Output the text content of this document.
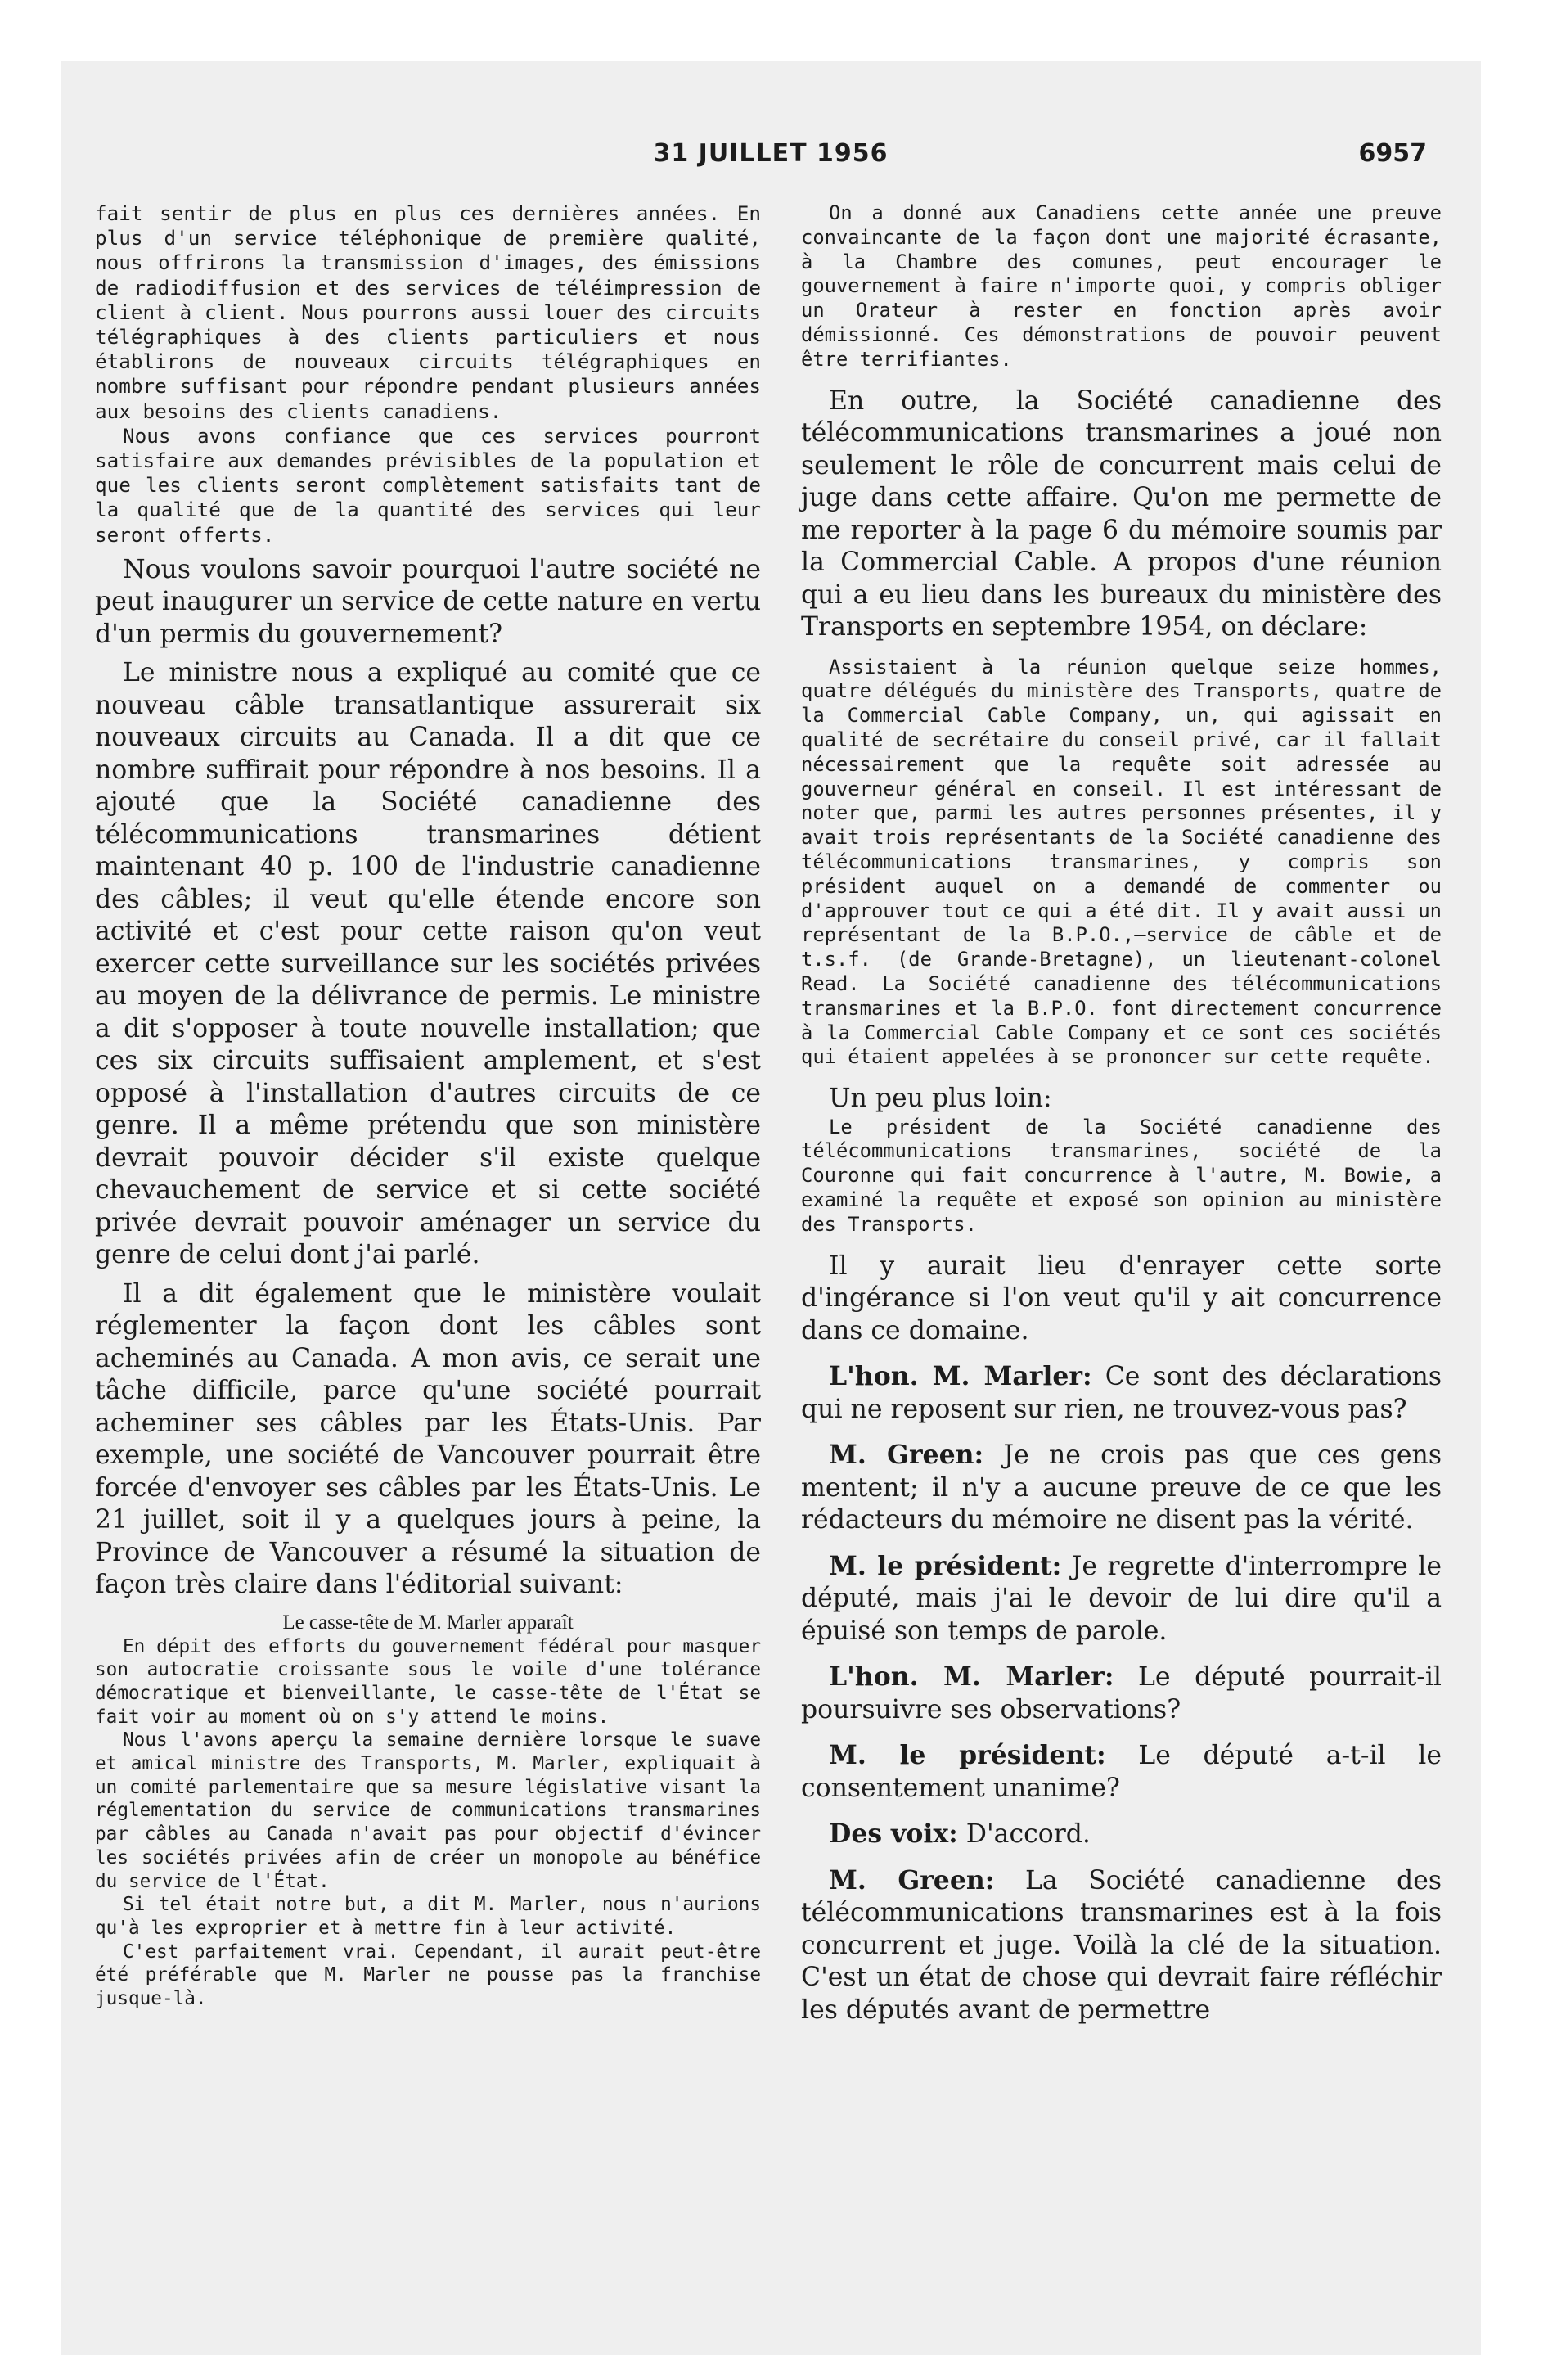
31 JUILLET 1956	6957

fait sentir de plus en plus ces dernières années. En plus d'un service téléphonique de première qualité, nous offrirons la transmission d'images, des émissions de radiodiffusion et des services de téléimpression de client à client. Nous pourrons aussi louer des circuits télégraphiques à des clients particuliers et nous établirons de nouveaux circuits télégraphiques en nombre suffisant pour répondre pendant plusieurs années aux besoins des clients canadiens.

Nous avons confiance que ces services pourront satisfaire aux demandes prévisibles de la population et que les clients seront complètement satisfaits tant de la qualité que de la quantité des services qui leur seront offerts.

Nous voulons savoir pourquoi l'autre société ne peut inaugurer un service de cette nature en vertu d'un permis du gouvernement?

Le ministre nous a expliqué au comité que ce nouveau câble transatlantique assurerait six nouveaux circuits au Canada. Il a dit que ce nombre suffirait pour répondre à nos besoins. Il a ajouté que la Société canadienne des télécommunications transmarines détient maintenant 40 p. 100 de l'industrie canadienne des câbles; il veut qu'elle étende encore son activité et c'est pour cette raison qu'on veut exercer cette surveillance sur les sociétés privées au moyen de la délivrance de permis. Le ministre a dit s'opposer à toute nouvelle installation; que ces six circuits suffisaient amplement, et s'est opposé à l'installation d'autres circuits de ce genre. Il a même prétendu que son ministère devrait pouvoir décider s'il existe quelque chevauchement de service et si cette société privée devrait pouvoir aménager un service du genre de celui dont j'ai parlé.

Il a dit également que le ministère voulait réglementer la façon dont les câbles sont acheminés au Canada. A mon avis, ce serait une tâche difficile, parce qu'une société pourrait acheminer ses câbles par les États-Unis. Par exemple, une société de Vancouver pourrait être forcée d'envoyer ses câbles par les États-Unis. Le 21 juillet, soit il y a quelques jours à peine, la Province de Vancouver a résumé la situation de façon très claire dans l'éditorial suivant:

Le casse-tête de M. Marler apparaît

En dépit des efforts du gouvernement fédéral pour masquer son autocratie croissante sous le voile d'une tolérance démocratique et bienveillante, le casse-tête de l'État se fait voir au moment où on s'y attend le moins.

Nous l'avons aperçu la semaine dernière lorsque le suave et amical ministre des Transports, M. Marler, expliquait à un comité parlementaire que sa mesure législative visant la réglementation du service de communications transmarines par câbles au Canada n'avait pas pour objectif d'évincer les sociétés privées afin de créer un monopole au bénéfice du service de l'État.

Si tel était notre but, a dit M. Marler, nous n'aurions qu'à les exproprier et à mettre fin à leur activité.

C'est parfaitement vrai. Cependant, il aurait peut-être été préférable que M. Marler ne pousse pas la franchise jusque-là.

On a donné aux Canadiens cette année une preuve convaincante de la façon dont une majorité écrasante, à la Chambre des comunes, peut encourager le gouvernement à faire n'importe quoi, y compris obliger un Orateur à rester en fonction après avoir démissionné. Ces démonstrations de pouvoir peuvent être terrifiantes.

En outre, la Société canadienne des télécommunications transmarines a joué non seulement le rôle de concurrent mais celui de juge dans cette affaire. Qu'on me permette de me reporter à la page 6 du mémoire soumis par la Commercial Cable. A propos d'une réunion qui a eu lieu dans les bureaux du ministère des Transports en septembre 1954, on déclare:

Assistaient à la réunion quelque seize hommes, quatre délégués du ministère des Transports, quatre de la Commercial Cable Company, un, qui agissait en qualité de secrétaire du conseil privé, car il fallait nécessairement que la requête soit adressée au gouverneur général en conseil. Il est intéressant de noter que, parmi les autres personnes présentes, il y avait trois représentants de la Société canadienne des télécommunications transmarines, y compris son président auquel on a demandé de commenter ou d'approuver tout ce qui a été dit. Il y avait aussi un représentant de la B.P.O.,—service de câble et de t.s.f. (de Grande-Bretagne), un lieutenant-colonel Read. La Société canadienne des télécommunications transmarines et la B.P.O. font directement concurrence à la Commercial Cable Company et ce sont ces sociétés qui étaient appelées à se prononcer sur cette requête.

Un peu plus loin:

Le président de la Société canadienne des télécommunications transmarines, société de la Couronne qui fait concurrence à l'autre, M. Bowie, a examiné la requête et exposé son opinion au ministère des Transports.

Il y aurait lieu d'enrayer cette sorte d'ingérance si l'on veut qu'il y ait concurrence dans ce domaine.

L'hon. M. Marler: Ce sont des déclarations qui ne reposent sur rien, ne trouvez-vous pas?

M. Green: Je ne crois pas que ces gens mentent; il n'y a aucune preuve de ce que les rédacteurs du mémoire ne disent pas la vérité.

M. le président: Je regrette d'interrompre le député, mais j'ai le devoir de lui dire qu'il a épuisé son temps de parole.

L'hon. M. Marler: Le député pourrait-il poursuivre ses observations?

M. le président: Le député a-t-il le consentement unanime?

Des voix: D'accord.

M. Green: La Société canadienne des télécommunications transmarines est à la fois concurrent et juge. Voilà la clé de la situation. C'est un état de chose qui devrait faire réfléchir les députés avant de permettre
